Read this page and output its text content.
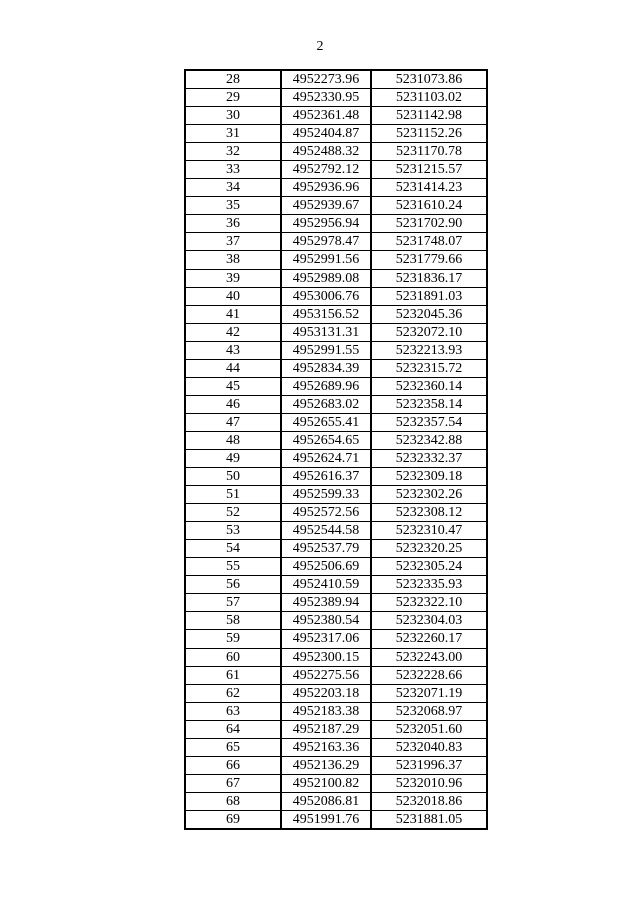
2
28	4952273.96	5231073.86
29	4952330.95	5231103.02
30	4952361.48	5231142.98
31	4952404.87	5231152.26
32	4952488.32	5231170.78
33	4952792.12	5231215.57
34	4952936.96	5231414.23
35	4952939.67	5231610.24
36	4952956.94	5231702.90
37	4952978.47	5231748.07
38	4952991.56	5231779.66
39	4952989.08	5231836.17
40	4953006.76	5231891.03
41	4953156.52	5232045.36
42	4953131.31	5232072.10
43	4952991.55	5232213.93
44	4952834.39	5232315.72
45	4952689.96	5232360.14
46	4952683.02	5232358.14
47	4952655.41	5232357.54
48	4952654.65	5232342.88
49	4952624.71	5232332.37
50	4952616.37	5232309.18
51	4952599.33	5232302.26
52	4952572.56	5232308.12
53	4952544.58	5232310.47
54	4952537.79	5232320.25
55	4952506.69	5232305.24
56	4952410.59	5232335.93
57	4952389.94	5232322.10
58	4952380.54	5232304.03
59	4952317.06	5232260.17
60	4952300.15	5232243.00
61	4952275.56	5232228.66
62	4952203.18	5232071.19
63	4952183.38	5232068.97
64	4952187.29	5232051.60
65	4952163.36	5232040.83
66	4952136.29	5231996.37
67	4952100.82	5232010.96
68	4952086.81	5232018.86
69	4951991.76	5231881.05
